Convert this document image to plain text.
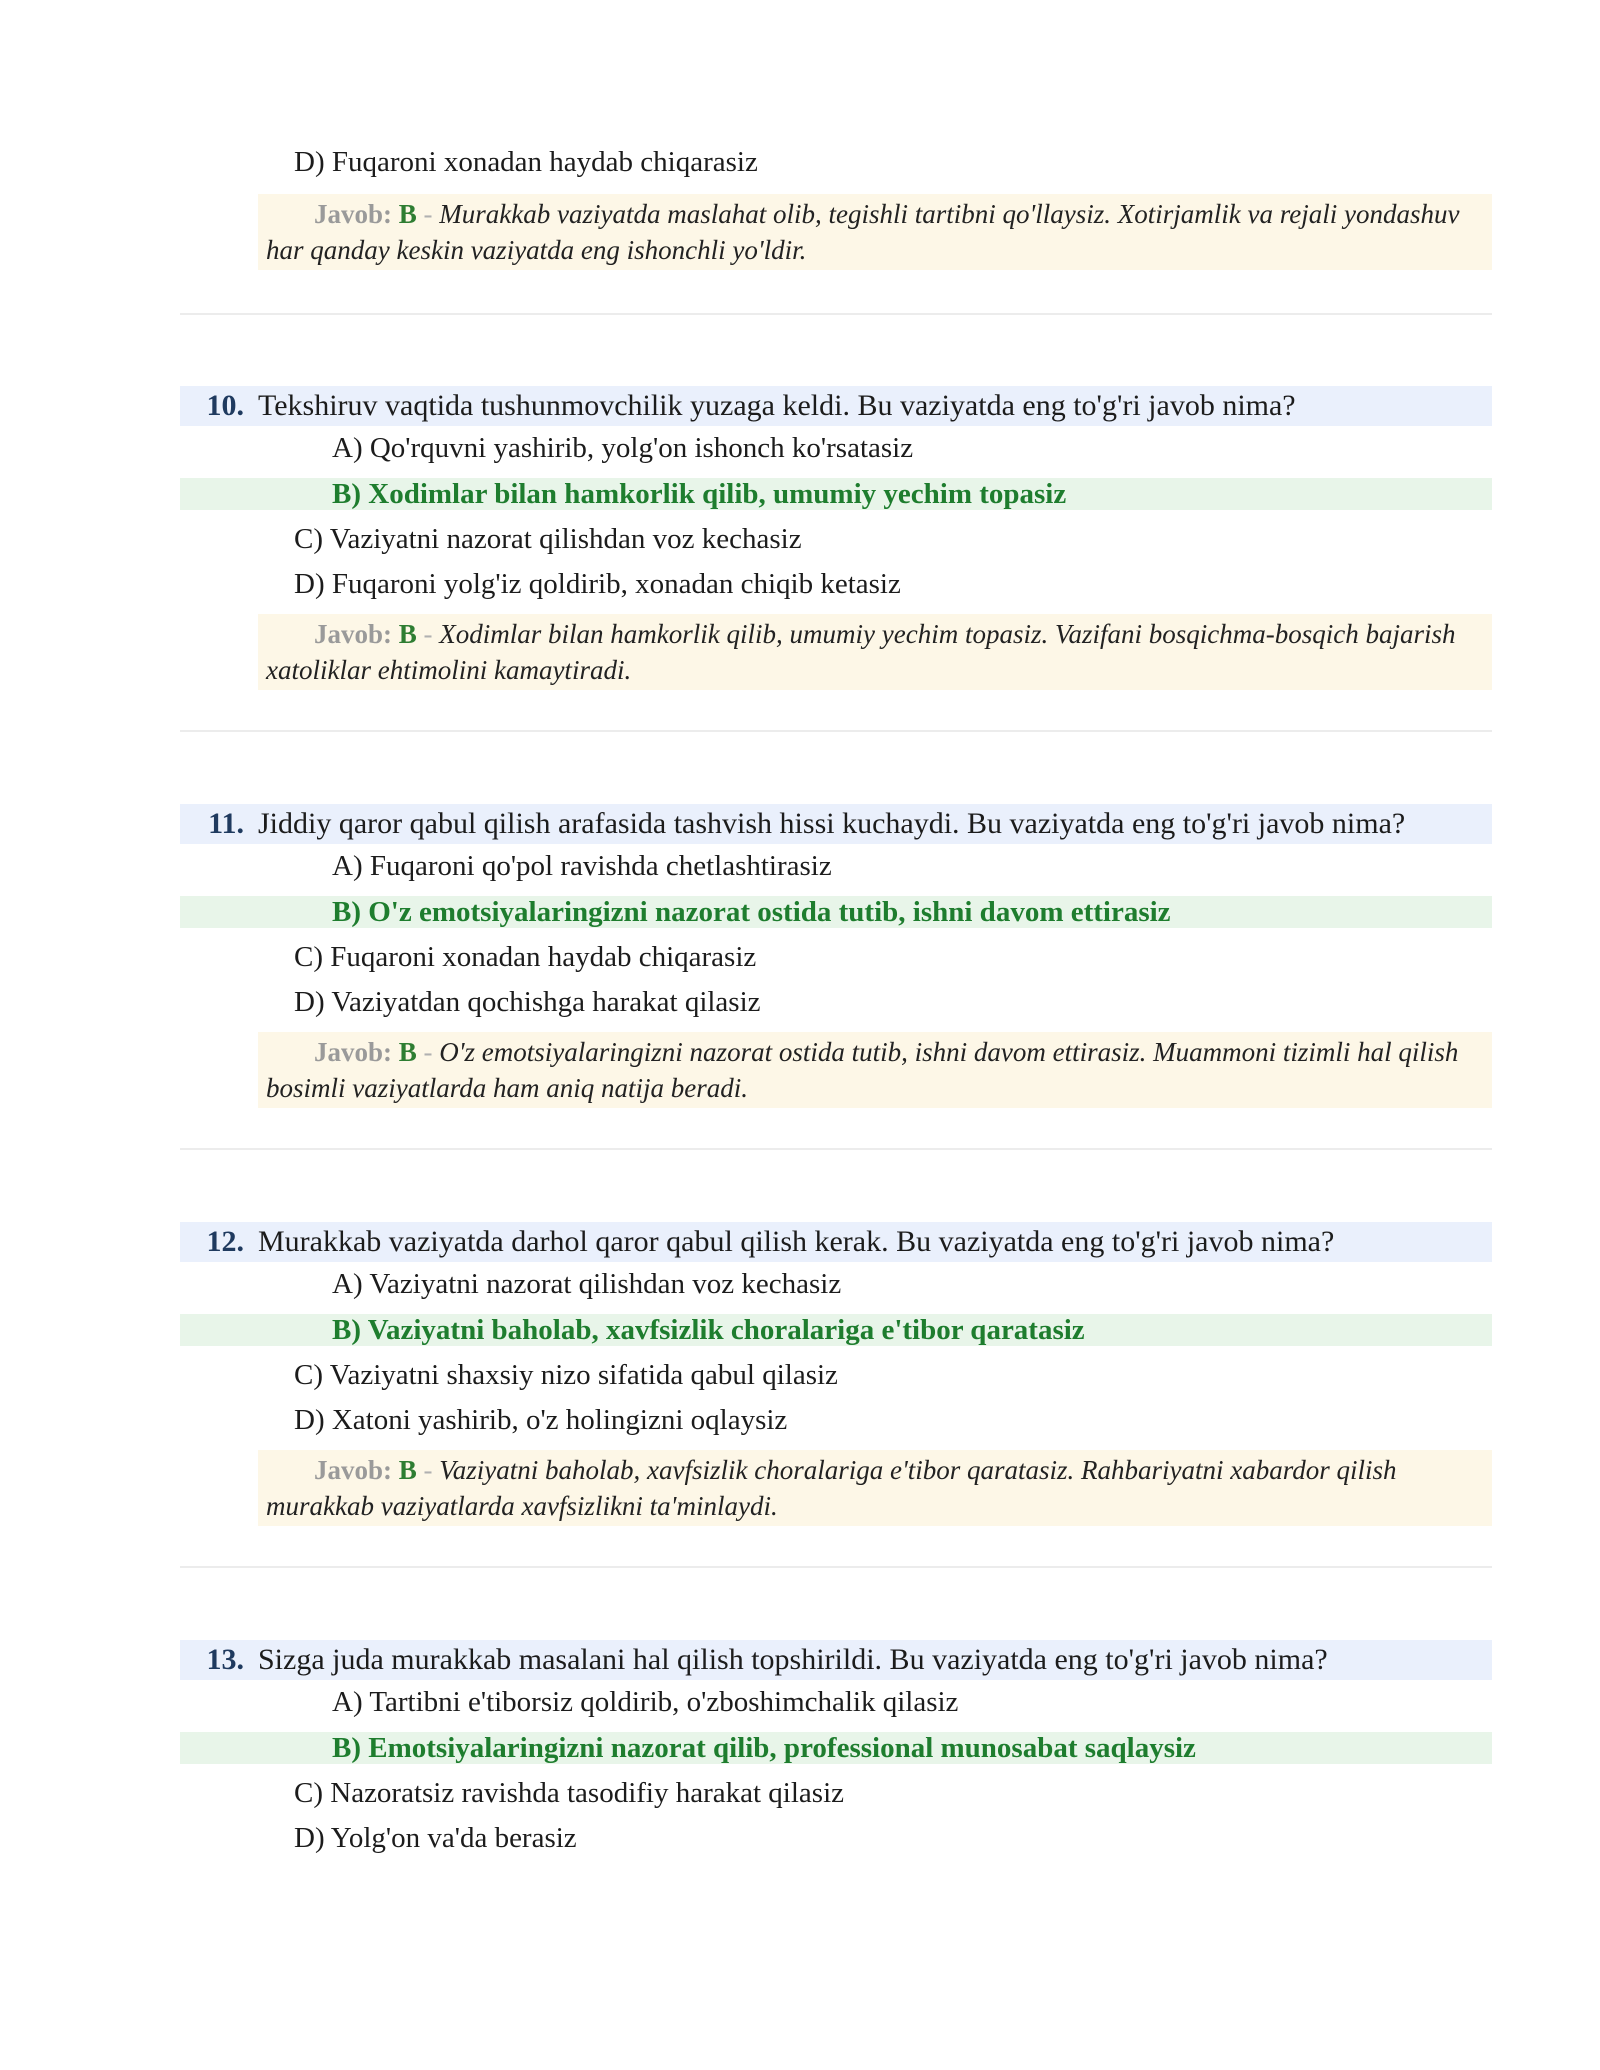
D) Fuqaroni xonadan haydab chiqarasiz
Javob: B - Murakkab vaziyatda maslahat olib, tegishli tartibni qo'llaysiz. Xotirjamlik va rejali yondashuv har qanday keskin vaziyatda eng ishonchli yo'ldir.
10. Tekshiruv vaqtida tushunmovchilik yuzaga keldi. Bu vaziyatda eng to'g'ri javob nima?
A) Qo'rquvni yashirib, yolg'on ishonch ko'rsatasiz
B) Xodimlar bilan hamkorlik qilib, umumiy yechim topasiz
C) Vaziyatni nazorat qilishdan voz kechasiz
D) Fuqaroni yolg'iz qoldirib, xonadan chiqib ketasiz
Javob: B - Xodimlar bilan hamkorlik qilib, umumiy yechim topasiz. Vazifani bosqichma-bosqich bajarish xatoliklar ehtimolini kamaytiradi.
11. Jiddiy qaror qabul qilish arafasida tashvish hissi kuchaydi. Bu vaziyatda eng to'g'ri javob nima?
A) Fuqaroni qo'pol ravishda chetlashtirasiz
B) O'z emotsiyalaringizni nazorat ostida tutib, ishni davom ettirasiz
C) Fuqaroni xonadan haydab chiqarasiz
D) Vaziyatdan qochishga harakat qilasiz
Javob: B - O'z emotsiyalaringizni nazorat ostida tutib, ishni davom ettirasiz. Muammoni tizimli hal qilish bosimli vaziyatlarda ham aniq natija beradi.
12. Murakkab vaziyatda darhol qaror qabul qilish kerak. Bu vaziyatda eng to'g'ri javob nima?
A) Vaziyatni nazorat qilishdan voz kechasiz
B) Vaziyatni baholab, xavfsizlik choralariga e'tibor qaratasiz
C) Vaziyatni shaxsiy nizo sifatida qabul qilasiz
D) Xatoni yashirib, o'z holingizni oqlaysiz
Javob: B - Vaziyatni baholab, xavfsizlik choralariga e'tibor qaratasiz. Rahbariyatni xabardor qilish murakkab vaziyatlarda xavfsizlikni ta'minlaydi.
13. Sizga juda murakkab masalani hal qilish topshirildi. Bu vaziyatda eng to'g'ri javob nima?
A) Tartibni e'tiborsiz qoldirib, o'zboshimchalik qilasiz
B) Emotsiyalaringizni nazorat qilib, professional munosabat saqlaysiz
C) Nazoratsiz ravishda tasodifiy harakat qilasiz
D) Yolg'on va'da berasiz
